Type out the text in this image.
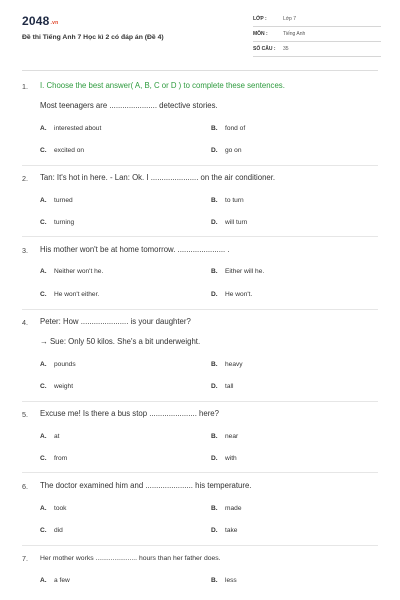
$2048^{.vn}$
Đề thi Tiếng Anh 7 Học kì 2 có đáp án (Đề 4)
LỚP :	Lớp 7
MÔN :	Tiếng Anh
SỐ CÂU : 35
1. I. Choose the best answer( A, B, C or D ) to complete these sentences.
Most teenagers are ...................... detective stories.
A. interested about	B. fond of
C. excited on	D. go on
2. Tan: It's hot in here. - Lan: Ok. I ...................... on the air conditioner.
A. turned	B. to turn
C. turning	D. will turn
3. His mother won't be at home tomorrow. ...................... .
A. Neither won't he.	B. Either will he.
C. He won't either.	D. He won't.
4. Peter: How ...................... is your daughter?
→ Sue: Only 50 kilos. She's a bit underweight.
A. pounds	B. heavy
C. weight	D. tall
5. Excuse me! Is there a bus stop ...................... here?
A. at	B. near
C. from	D. with
6. The doctor examined him and ...................... his temperature.
A. took	B. made
C. did	D. take
7. Her mother works ...................... hours than her father does.
A. a few	B. less
